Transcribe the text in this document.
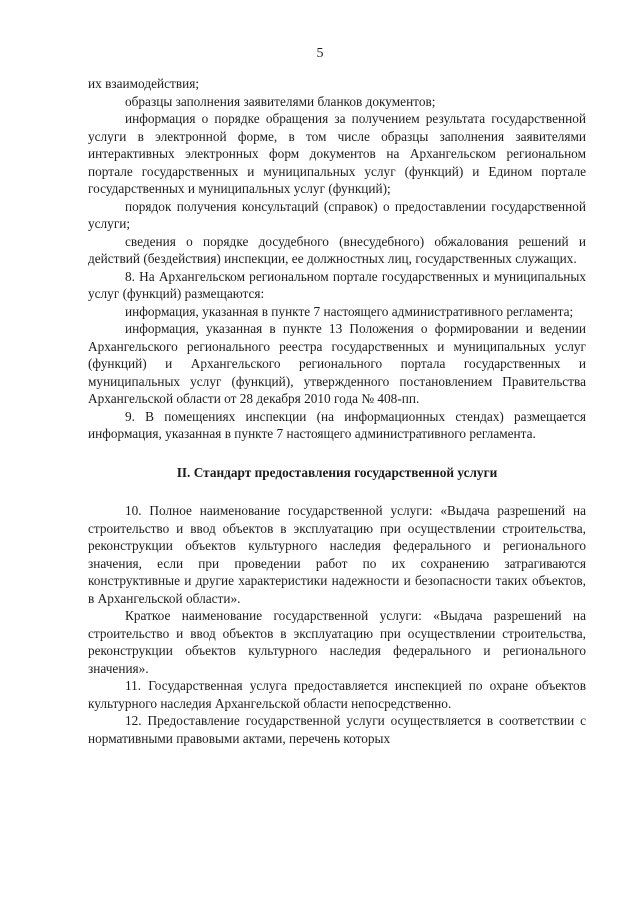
5

их взаимодействия;

образцы заполнения заявителями бланков документов;

информация о порядке обращения за получением результата государственной услуги в электронной форме, в том числе образцы заполнения заявителями интерактивных электронных форм документов на Архангельском региональном портале государственных и муниципальных услуг (функций) и Едином портале государственных и муниципальных услуг (функций);

порядок получения консультаций (справок) о предоставлении государственной услуги;

сведения о порядке досудебного (внесудебного) обжалования решений и действий (бездействия) инспекции, ее должностных лиц, государственных служащих.

8. На Архангельском региональном портале государственных и муниципальных услуг (функций) размещаются:

информация, указанная в пункте 7 настоящего административного регламента;

информация, указанная в пункте 13 Положения о формировании и ведении Архангельского регионального реестра государственных и муниципальных услуг (функций) и Архангельского регионального портала государственных и муниципальных услуг (функций), утвержденного постановлением Правительства Архангельской области от 28 декабря 2010 года № 408-пп.

9. В помещениях инспекции (на информационных стендах) размещается информация, указанная в пункте 7 настоящего административного регламента.

II. Стандарт предоставления государственной услуги

10. Полное наименование государственной услуги: «Выдача разрешений на строительство и ввод объектов в эксплуатацию при осуществлении строительства, реконструкции объектов культурного наследия федерального и регионального значения, если при проведении работ по их сохранению затрагиваются конструктивные и другие характеристики надежности и безопасности таких объектов, в Архангельской области».

Краткое наименование государственной услуги: «Выдача разрешений на строительство и ввод объектов в эксплуатацию при осуществлении строительства, реконструкции объектов культурного наследия федерального и регионального значения».

11. Государственная услуга предоставляется инспекцией по охране объектов культурного наследия Архангельской области непосредственно.

12. Предоставление государственной услуги осуществляется в соответствии с нормативными правовыми актами, перечень которых
